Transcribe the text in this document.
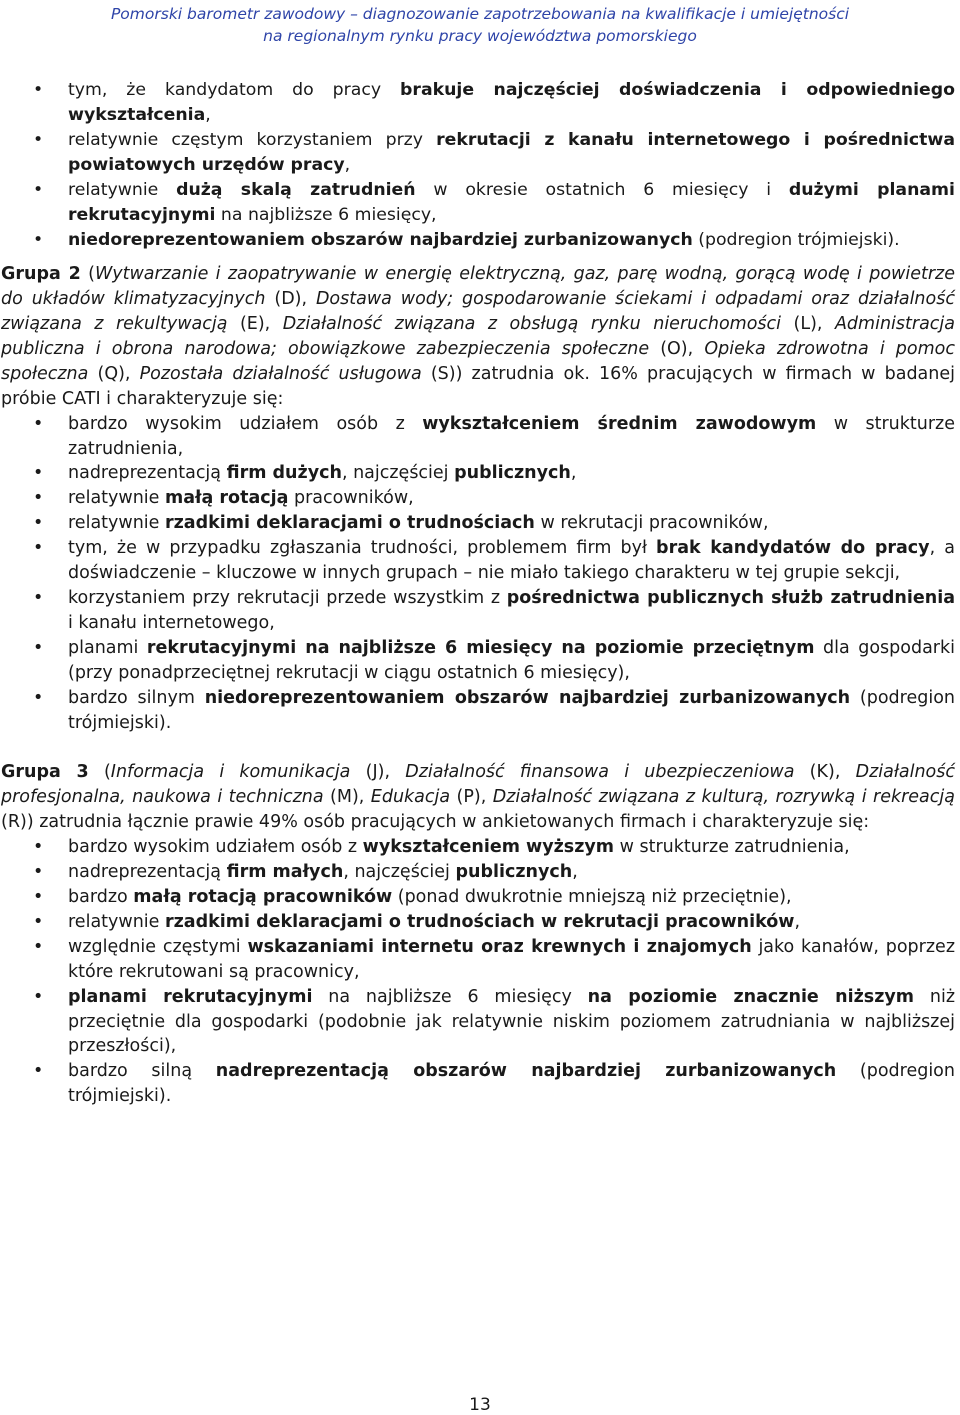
Pomorski barometr zawodowy – diagnozowanie zapotrzebowania na kwalifikacje i umiejętności
na regionalnym rynku pracy województwa pomorskiego
• tym, że kandydatom do pracy brakuje najczęściej doświadczenia i odpowiedniego wykształcenia,
• relatywnie częstym korzystaniem przy rekrutacji z kanału internetowego i pośrednictwa powiatowych urzędów pracy,
• relatywnie dużą skalą zatrudnień w okresie ostatnich 6 miesięcy i dużymi planami rekrutacyjnymi na najbliższe 6 miesięcy,
• niedoreprezentowaniem obszarów najbardziej zurbanizowanych (podregion trójmiejski).

Grupa 2 (Wytwarzanie i zaopatrywanie w energię elektryczną, gaz, parę wodną, gorącą wodę i powietrze do układów klimatyzacyjnych (D), Dostawa wody; gospodarowanie ściekami i odpadami oraz działalność związana z rekultywacją (E), Działalność związana z obsługą rynku nieruchomości (L), Administracja publiczna i obrona narodowa; obowiązkowe zabezpieczenia społeczne (O), Opieka zdrowotna i pomoc społeczna (Q), Pozostała działalność usługowa (S)) zatrudnia ok. 16% pracujących w firmach w badanej próbie CATI i charakteryzuje się:

• bardzo wysokim udziałem osób z wykształceniem średnim zawodowym w strukturze zatrudnienia,
• nadreprezentacją firm dużych, najczęściej publicznych,
• relatywnie małą rotacją pracowników,
• relatywnie rzadkimi deklaracjami o trudnościach w rekrutacji pracowników,
• tym, że w przypadku zgłaszania trudności, problemem firm był brak kandydatów do pracy, a doświadczenie – kluczowe w innych grupach – nie miało takiego charakteru w tej grupie sekcji,
• korzystaniem przy rekrutacji przede wszystkim z pośrednictwa publicznych służb zatrudnienia i kanału internetowego,
• planami rekrutacyjnymi na najbliższe 6 miesięcy na poziomie przeciętnym dla gospodarki (przy ponadprzeciętnej rekrutacji w ciągu ostatnich 6 miesięcy),
• bardzo silnym niedoreprezentowaniem obszarów najbardziej zurbanizowanych (podregion trójmiejski).

Grupa 3 (Informacja i komunikacja (J), Działalność finansowa i ubezpieczeniowa (K), Działalność profesjonalna, naukowa i techniczna (M), Edukacja (P), Działalność związana z kulturą, rozrywką i rekreacją (R)) zatrudnia łącznie prawie 49% osób pracujących w ankietowanych firmach i charakteryzuje się:

• bardzo wysokim udziałem osób z wykształceniem wyższym w strukturze zatrudnienia,
• nadreprezentacją firm małych, najczęściej publicznych,
• bardzo małą rotacją pracowników (ponad dwukrotnie mniejszą niż przeciętnie),
• relatywnie rzadkimi deklaracjami o trudnościach w rekrutacji pracowników,
• względnie częstymi wskazaniami internetu oraz krewnych i znajomych jako kanałów, poprzez które rekrutowani są pracownicy,
• planami rekrutacyjnymi na najbliższe 6 miesięcy na poziomie znacznie niższym niż przeciętnie dla gospodarki (podobnie jak relatywnie niskim poziomem zatrudniania w najbliższej przeszłości),
• bardzo silną nadreprezentacją obszarów najbardziej zurbanizowanych (podregion trójmiejski).
13
